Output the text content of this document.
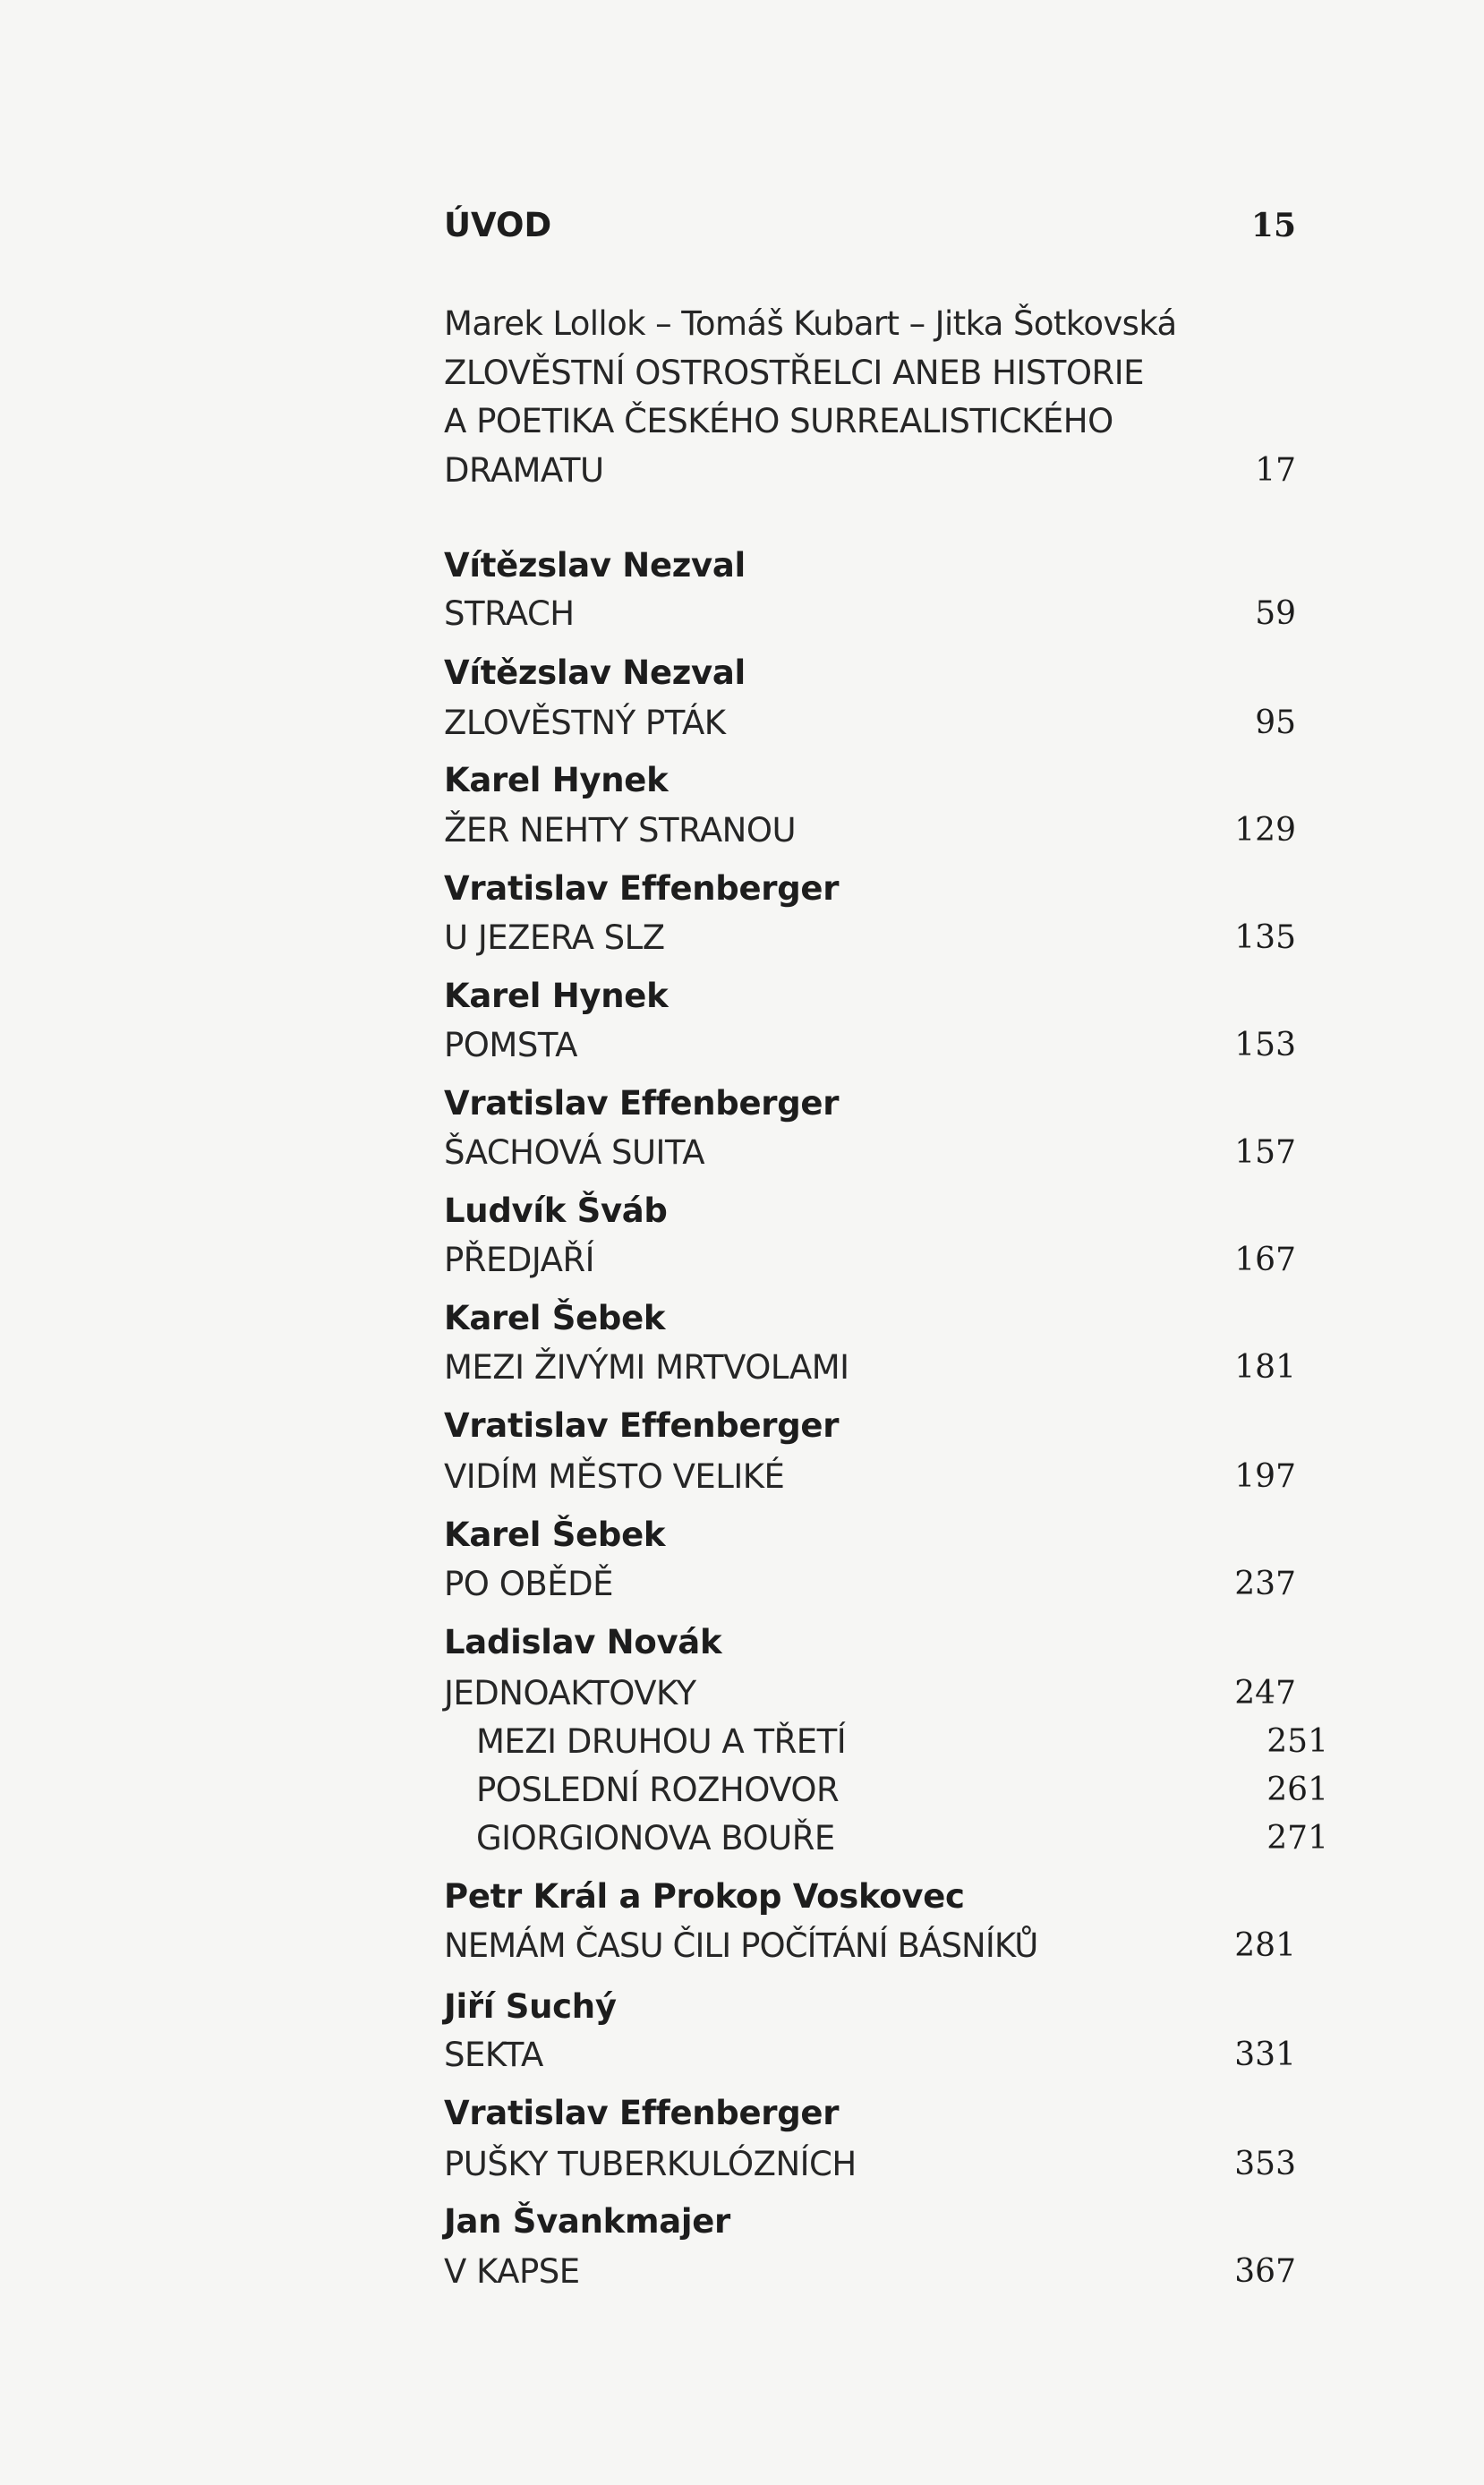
ÚVOD	15
Marek Lollok – Tomáš Kubart – Jitka Šotkovská
ZLOVĚSTNÍ OSTROSTŘELCI ANEB HISTORIE
A POETIKA ČESKÉHO SURREALISTICKÉHO
DRAMATU	17
Vítězslav Nezval
STRACH	59
Vítězslav Nezval
ZLOVĚSTNÝ PTÁK	95
Karel Hynek
ŽER NEHTY STRANOU	129
Vratislav Effenberger
U JEZERA SLZ	135
Karel Hynek
POMSTA	153
Vratislav Effenberger
ŠACHOVÁ SUITA	157
Ludvík Šváb
PŘEDJAŘÍ	167
Karel Šebek
MEZI ŽIVÝMI MRTVOLAMI	181
Vratislav Effenberger
VIDÍM MĚSTO VELIKÉ	197
Karel Šebek
PO OBĚDĚ	237
Ladislav Novák
JEDNOAKTOVKY	247
MEZI DRUHOU A TŘETÍ	251
POSLEDNÍ ROZHOVOR	261
GIORGIONOVA BOUŘE	271
Petr Král a Prokop Voskovec
NEMÁM ČASU ČILI POČÍTÁNÍ BÁSNÍKŮ	281
Jiří Suchý
SEKTA	331
Vratislav Effenberger
PUŠKY TUBERKULÓZNÍCH	353
Jan Švankmajer
V KAPSE	367
